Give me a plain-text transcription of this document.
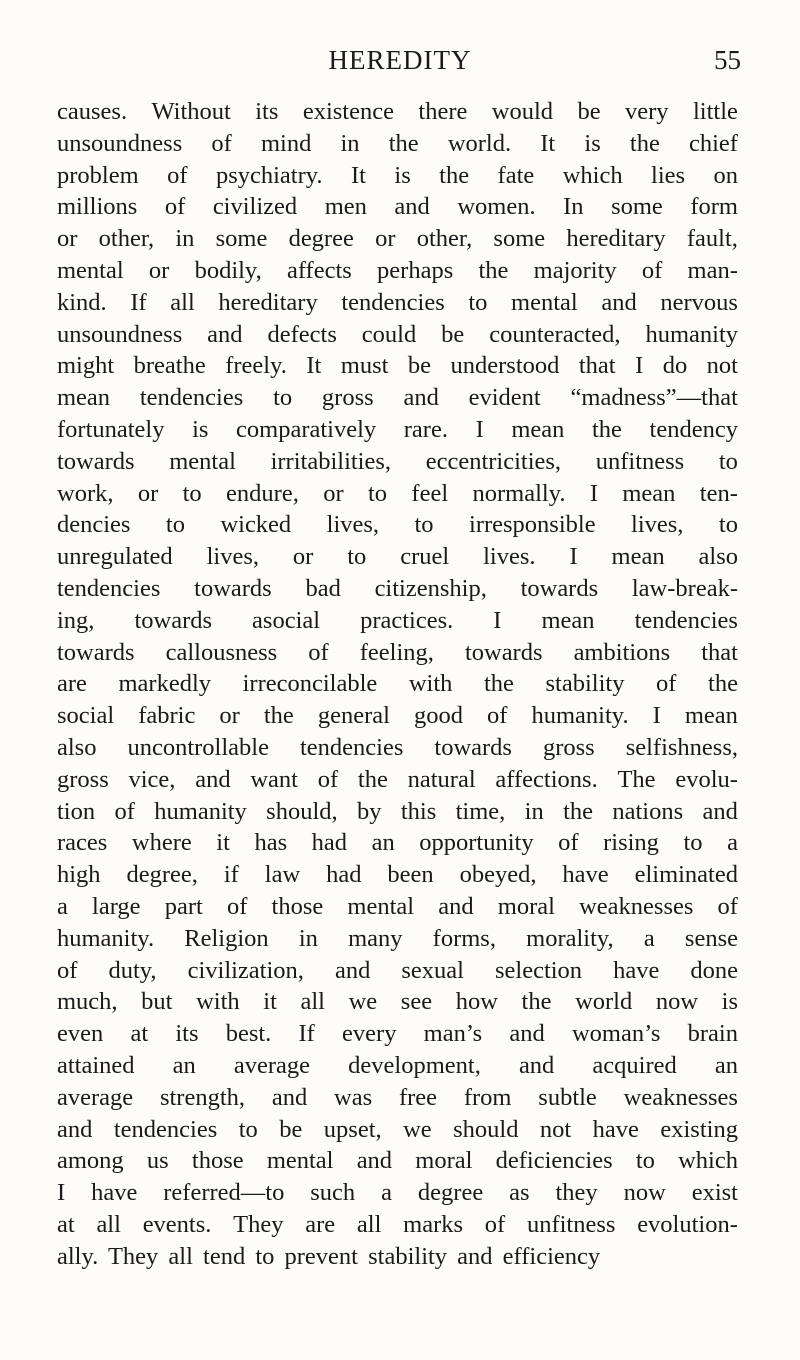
HEREDITY	55
causes. Without its existence there would be very little
unsoundness of mind in the world. It is the chief
problem of psychiatry. It is the fate which lies on
millions of civilized men and women. In some form
or other, in some degree or other, some hereditary fault,
mental or bodily, affects perhaps the majority of man-
kind. If all hereditary tendencies to mental and nervous
unsoundness and defects could be counteracted, humanity
might breathe freely. It must be understood that I do not
mean tendencies to gross and evident “madness”—that
fortunately is comparatively rare. I mean the tendency
towards mental irritabilities, eccentricities, unfitness to
work, or to endure, or to feel normally. I mean ten-
dencies to wicked lives, to irresponsible lives, to
unregulated lives, or to cruel lives. I mean also
tendencies towards bad citizenship, towards law-break-
ing, towards asocial practices. I mean tendencies
towards callousness of feeling, towards ambitions that
are markedly irreconcilable with the stability of the
social fabric or the general good of humanity. I mean
also uncontrollable tendencies towards gross selfishness,
gross vice, and want of the natural affections. The evolu-
tion of humanity should, by this time, in the nations and
races where it has had an opportunity of rising to a
high degree, if law had been obeyed, have eliminated
a large part of those mental and moral weaknesses of
humanity. Religion in many forms, morality, a sense
of duty, civilization, and sexual selection have done
much, but with it all we see how the world now is
even at its best. If every man’s and woman’s brain
attained an average development, and acquired an
average strength, and was free from subtle weaknesses
and tendencies to be upset, we should not have existing
among us those mental and moral deficiencies to which
I have referred—to such a degree as they now exist
at all events. They are all marks of unfitness evolution-
ally. They all tend to prevent stability and efficiency
